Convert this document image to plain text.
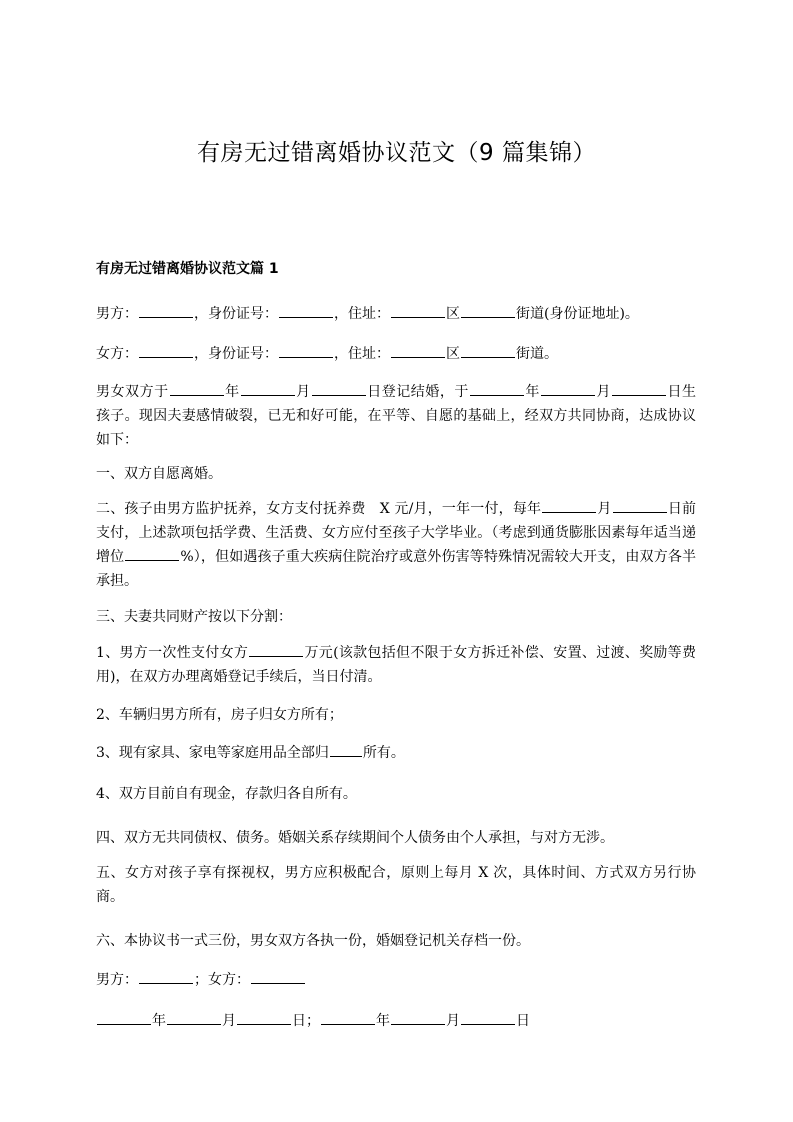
有房无过错离婚协议范文（9 篇集锦）
有房无过错离婚协议范文篇 1
男方：	，身份证号：	，住址：	区	街道(身份证地址)。
女方：	，身份证号：	，住址：	区	街道。
男女双方于	年	月	日登记结婚，于	年	月	日生孩子。现因夫妻感情破裂，已无和好可能，在平等、自愿的基础上，经双方共同协商，达成协议如下：
一、双方自愿离婚。
二、孩子由男方监护抚养，女方支付抚养费　X 元/月，一年一付，每年	月	日前支付，上述款项包括学费、生活费、女方应付至孩子大学毕业。（考虑到通货膨胀因素每年适当递增位	%），但如遇孩子重大疾病住院治疗或意外伤害等特殊情况需较大开支，由双方各半承担。
三、夫妻共同财产按以下分割：
1、男方一次性支付女方	万元(该款包括但不限于女方拆迁补偿、安置、过渡、奖励等费用)，在双方办理离婚登记手续后，当日付清。
2、车辆归男方所有，房子归女方所有；
3、现有家具、家电等家庭用品全部归 所有。
4、双方目前自有现金，存款归各自所有。
四、双方无共同债权、债务。婚姻关系存续期间个人债务由个人承担，与对方无涉。
五、女方对孩子享有探视权，男方应积极配合，原则上每月 X 次，具体时间、方式双方另行协商。
六、本协议书一式三份，男女双方各执一份，婚姻登记机关存档一份。
男方：	；女方：
年	月	日；	年	月	日
